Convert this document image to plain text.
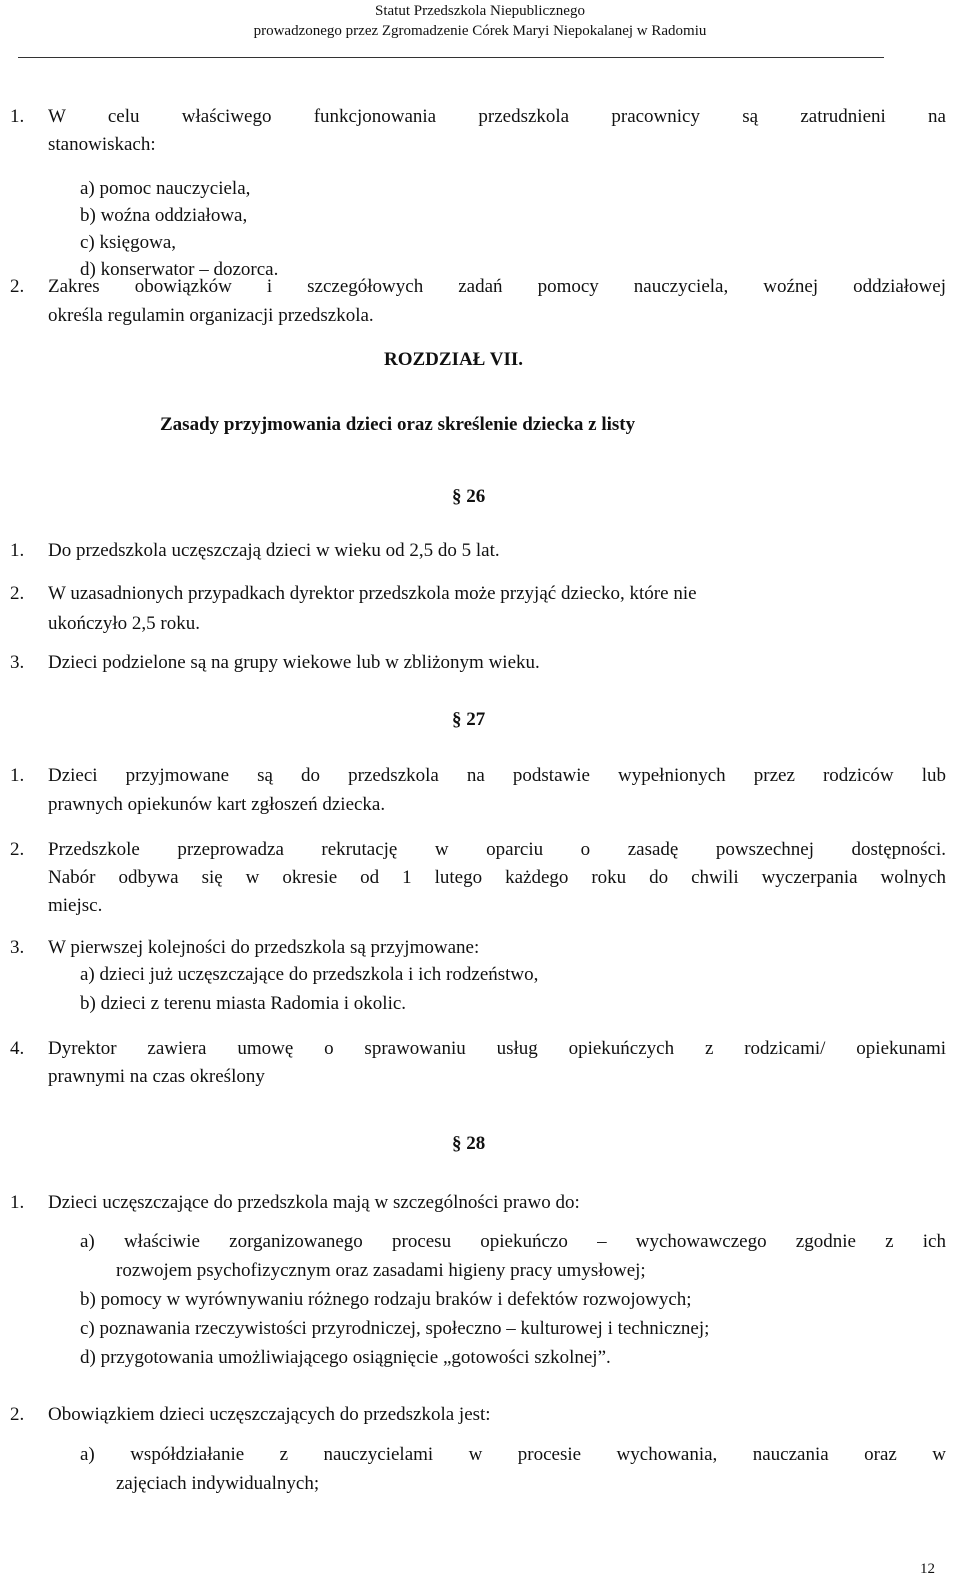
Statut Przedszkola Niepublicznego
prowadzonego przez Zgromadzenie Córek Maryi Niepokalanej w Radomiu
1. W celu właściwego funkcjonowania przedszkola pracownicy są zatrudnieni na
stanowiskach:
a) pomoc nauczyciela,
b) woźna oddziałowa,
c) księgowa,
d) konserwator – dozorca.
2. Zakres obowiązków i szczegółowych zadań pomocy nauczyciela, woźnej oddziałowej
określa regulamin organizacji przedszkola.
ROZDZIAŁ VII.
Zasady przyjmowania dzieci oraz skreślenie dziecka z listy
§ 26
1. Do przedszkola uczęszczają dzieci w wieku od 2,5 do 5 lat.
2. W uzasadnionych przypadkach dyrektor przedszkola może przyjąć dziecko, które nie
ukończyło 2,5 roku.
3. Dzieci podzielone są na grupy wiekowe lub w zbliżonym wieku.
§ 27
1. Dzieci przyjmowane są do przedszkola na podstawie wypełnionych przez rodziców lub
prawnych opiekunów kart zgłoszeń dziecka.
2. Przedszkole przeprowadza rekrutację w oparciu o zasadę powszechnej dostępności.
Nabór odbywa się w okresie od 1 lutego każdego roku do chwili wyczerpania wolnych
miejsc.
3. W pierwszej kolejności do przedszkola są przyjmowane:
a) dzieci już uczęszczające do przedszkola i ich rodzeństwo,
b) dzieci z terenu miasta Radomia i okolic.
4. Dyrektor zawiera umowę o sprawowaniu usług opiekuńczych z rodzicami/ opiekunami
prawnymi na czas określony
§ 28
1. Dzieci uczęszczające do przedszkola mają w szczególności prawo do:
a) właściwie zorganizowanego procesu opiekuńczo – wychowawczego zgodnie z ich
rozwojem psychofizycznym oraz zasadami higieny pracy umysłowej;
b) pomocy w wyrównywaniu różnego rodzaju braków i defektów rozwojowych;
c) poznawania rzeczywistości przyrodniczej, społeczno – kulturowej i technicznej;
d) przygotowania umożliwiającego osiągnięcie „gotowości szkolnej”.
2. Obowiązkiem dzieci uczęszczających do przedszkola jest:
a) współdziałanie z nauczycielami w procesie wychowania, nauczania oraz w
zajęciach indywidualnych;
12
